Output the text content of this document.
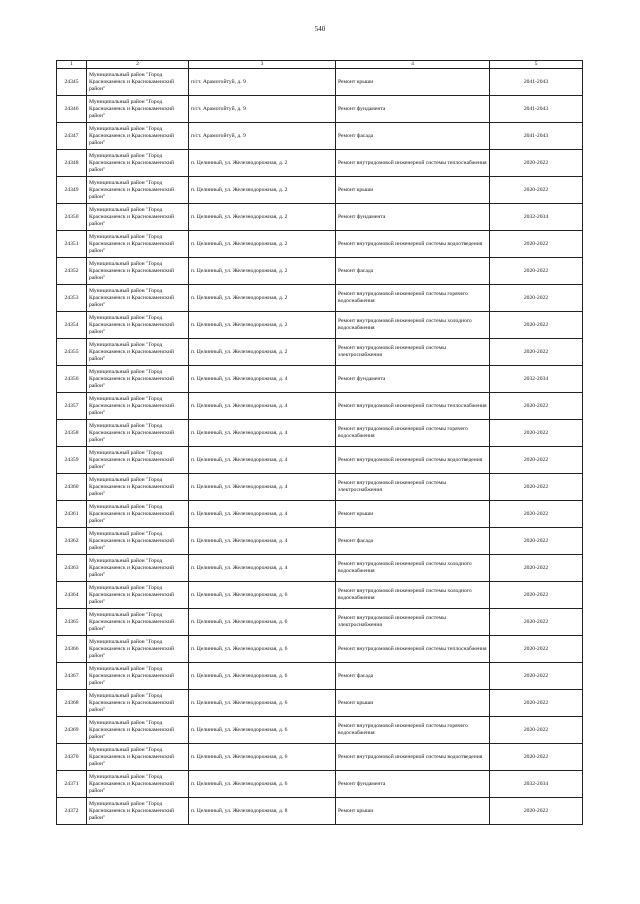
540
1	2	3	4	5
24345	Муниципальный район "Город Краснокаменск и Краснокаменский район"	п/ст. Арамогойтуй, д. 9	Ремонт крыши	2041-2043
24346	Муниципальный район "Город Краснокаменск и Краснокаменский район"	п/ст. Арамогойтуй, д. 9	Ремонт фундамента	2041-2043
24347	Муниципальный район "Город Краснокаменск и Краснокаменский район"	п/ст. Арамогойтуй, д. 9	Ремонт фасада	2041-2043
24348	Муниципальный район "Город Краснокаменск и Краснокаменский район"	п. Целинный, ул. Железнодорожная, д. 2	Ремонт внутридомовой инженерной системы теплоснабжения	2020-2022
24349	Муниципальный район "Город Краснокаменск и Краснокаменский район"	п. Целинный, ул. Железнодорожная, д. 2	Ремонт крыши	2020-2022
24350	Муниципальный район "Город Краснокаменск и Краснокаменский район"	п. Целинный, ул. Железнодорожная, д. 2	Ремонт фундамента	2032-2034
24351	Муниципальный район "Город Краснокаменск и Краснокаменский район"	п. Целинный, ул. Железнодорожная, д. 2	Ремонт внутридомовой инженерной системы водоотведения	2020-2022
24352	Муниципальный район "Город Краснокаменск и Краснокаменский район"	п. Целинный, ул. Железнодорожная, д. 2	Ремонт фасада	2020-2022
24353	Муниципальный район "Город Краснокаменск и Краснокаменский район"	п. Целинный, ул. Железнодорожная, д. 2	Ремонт внутридомовой инженерной системы горячего водоснабжения	2020-2022
24354	Муниципальный район "Город Краснокаменск и Краснокаменский район"	п. Целинный, ул. Железнодорожная, д. 2	Ремонт внутридомовой инженерной системы холодного водоснабжения	2020-2022
24355	Муниципальный район "Город Краснокаменск и Краснокаменский район"	п. Целинный, ул. Железнодорожная, д. 2	Ремонт внутридомовой инженерной системы электроснабжения	2020-2022
24356	Муниципальный район "Город Краснокаменск и Краснокаменский район"	п. Целинный, ул. Железнодорожная, д. 4	Ремонт фундамента	2032-2034
24357	Муниципальный район "Город Краснокаменск и Краснокаменский район"	п. Целинный, ул. Железнодорожная, д. 4	Ремонт внутридомовой инженерной системы теплоснабжения	2020-2022
24358	Муниципальный район "Город Краснокаменск и Краснокаменский район"	п. Целинный, ул. Железнодорожная, д. 4	Ремонт внутридомовой инженерной системы горячего водоснабжения	2020-2022
24359	Муниципальный район "Город Краснокаменск и Краснокаменский район"	п. Целинный, ул. Железнодорожная, д. 4	Ремонт внутридомовой инженерной системы водоотведения	2020-2022
24360	Муниципальный район "Город Краснокаменск и Краснокаменский район"	п. Целинный, ул. Железнодорожная, д. 4	Ремонт внутридомовой инженерной системы электроснабжения	2020-2022
24361	Муниципальный район "Город Краснокаменск и Краснокаменский район"	п. Целинный, ул. Железнодорожная, д. 4	Ремонт крыши	2020-2022
24362	Муниципальный район "Город Краснокаменск и Краснокаменский район"	п. Целинный, ул. Железнодорожная, д. 4	Ремонт фасада	2020-2022
24363	Муниципальный район "Город Краснокаменск и Краснокаменский район"	п. Целинный, ул. Железнодорожная, д. 4	Ремонт внутридомовой инженерной системы холодного водоснабжения	2020-2022
24364	Муниципальный район "Город Краснокаменск и Краснокаменский район"	п. Целинный, ул. Железнодорожная, д. 6	Ремонт внутридомовой инженерной системы холодного водоснабжения	2020-2022
24365	Муниципальный район "Город Краснокаменск и Краснокаменский район"	п. Целинный, ул. Железнодорожная, д. 6	Ремонт внутридомовой инженерной системы электроснабжения	2020-2022
24366	Муниципальный район "Город Краснокаменск и Краснокаменский район"	п. Целинный, ул. Железнодорожная, д. 6	Ремонт внутридомовой инженерной системы теплоснабжения	2020-2022
24367	Муниципальный район "Город Краснокаменск и Краснокаменский район"	п. Целинный, ул. Железнодорожная, д. 6	Ремонт фасада	2020-2022
24368	Муниципальный район "Город Краснокаменск и Краснокаменский район"	п. Целинный, ул. Железнодорожная, д. 6	Ремонт крыши	2020-2022
24369	Муниципальный район "Город Краснокаменск и Краснокаменский район"	п. Целинный, ул. Железнодорожная, д. 6	Ремонт внутридомовой инженерной системы горячего водоснабжения	2020-2022
24370	Муниципальный район "Город Краснокаменск и Краснокаменский район"	п. Целинный, ул. Железнодорожная, д. 6	Ремонт внутридомовой инженерной системы водоотведения	2020-2022
24371	Муниципальный район "Город Краснокаменск и Краснокаменский район"	п. Целинный, ул. Железнодорожная, д. 6	Ремонт фундамента	2032-2034
24372	Муниципальный район "Город Краснокаменск и Краснокаменский район"	п. Целинный, ул. Железнодорожная, д. 8	Ремонт крыши	2020-2022
